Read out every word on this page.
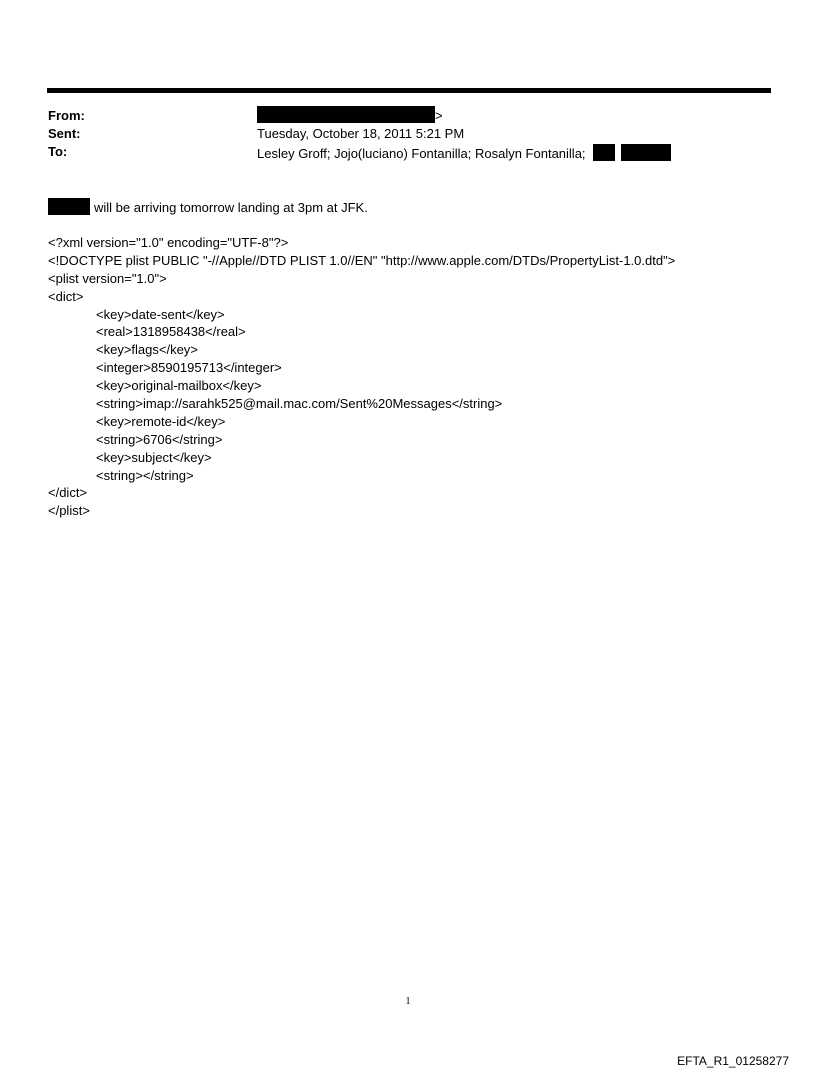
From:	>
Sent:	Tuesday, October 18, 2011 5:21 PM
To:	Lesley Groff; Jojo(luciano) Fontanilla; Rosalyn Fontanilla;
will be arriving tomorrow landing at 3pm at JFK.
<?xml version="1.0" encoding="UTF-8"?>
<!DOCTYPE plist PUBLIC "-//Apple//DTD PLIST 1.0//EN" "http://www.apple.com/DTDs/PropertyList-1.0.dtd">
<plist version="1.0">
<dict>
<key>date-sent</key>
<real>1318958438</real>
<key>flags</key>
<integer>8590195713</integer>
<key>original-mailbox</key>
<string>imap://sarahk525@mail.mac.com/Sent%20Messages</string>
<key>remote-id</key>
<string>6706</string>
<key>subject</key>
<string></string>
</dict>
</plist>
1
EFTA_R1_01258277
